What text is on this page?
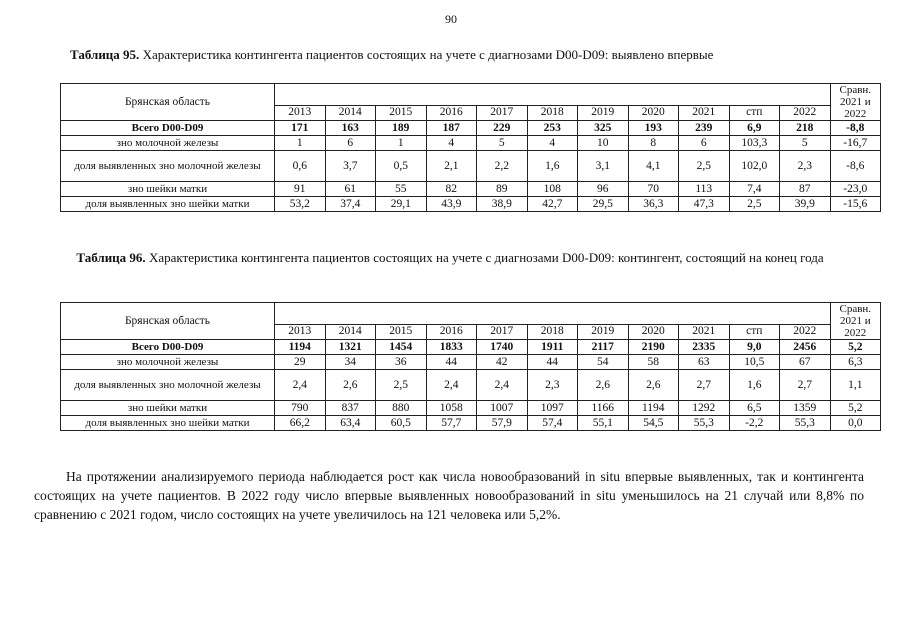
90
Таблица 95. Характеристика контингента пациентов состоящих на учете с диагнозами D00-D09: выявлено впервые
Брянская область												Сравн. 2021 и 2022
	2013	2014	2015	2016	2017	2018	2019	2020	2021	стп	2022	
Всего D00-D09	171	163	189	187	229	253	325	193	239	6,9	218	-8,8
зно молочной железы	1	6	1	4	5	4	10	8	6	103,3	5	-16,7
доля выявленных зно молочной железы	0,6	3,7	0,5	2,1	2,2	1,6	3,1	4,1	2,5	102,0	2,3	-8,6
зно шейки матки	91	61	55	82	89	108	96	70	113	7,4	87	-23,0
доля выявленных зно шейки матки	53,2	37,4	29,1	43,9	38,9	42,7	29,5	36,3	47,3	2,5	39,9	-15,6
Таблица 96. Характеристика контингента пациентов состоящих на учете с диагнозами D00-D09: контингент, состоящий на конец года
Брянская область												Сравн. 2021 и 2022
	2013	2014	2015	2016	2017	2018	2019	2020	2021	стп	2022	
Всего D00-D09	1194	1321	1454	1833	1740	1911	2117	2190	2335	9,0	2456	5,2
зно молочной железы	29	34	36	44	42	44	54	58	63	10,5	67	6,3
доля выявленных зно молочной железы	2,4	2,6	2,5	2,4	2,4	2,3	2,6	2,6	2,7	1,6	2,7	1,1
зно шейки матки	790	837	880	1058	1007	1097	1166	1194	1292	6,5	1359	5,2
доля выявленных зно шейки матки	66,2	63,4	60,5	57,7	57,9	57,4	55,1	54,5	55,3	-2,2	55,3	0,0
На протяжении анализируемого периода наблюдается рост как числа новообразований in situ впервые выявленных, так и контингента состоящих на учете пациентов. В 2022 году число впервые выявленных новообразований in situ уменьшилось на 21 случай или 8,8% по сравнению с 2021 годом, число состоящих на учете увеличилось на 121 человека или 5,2%.
